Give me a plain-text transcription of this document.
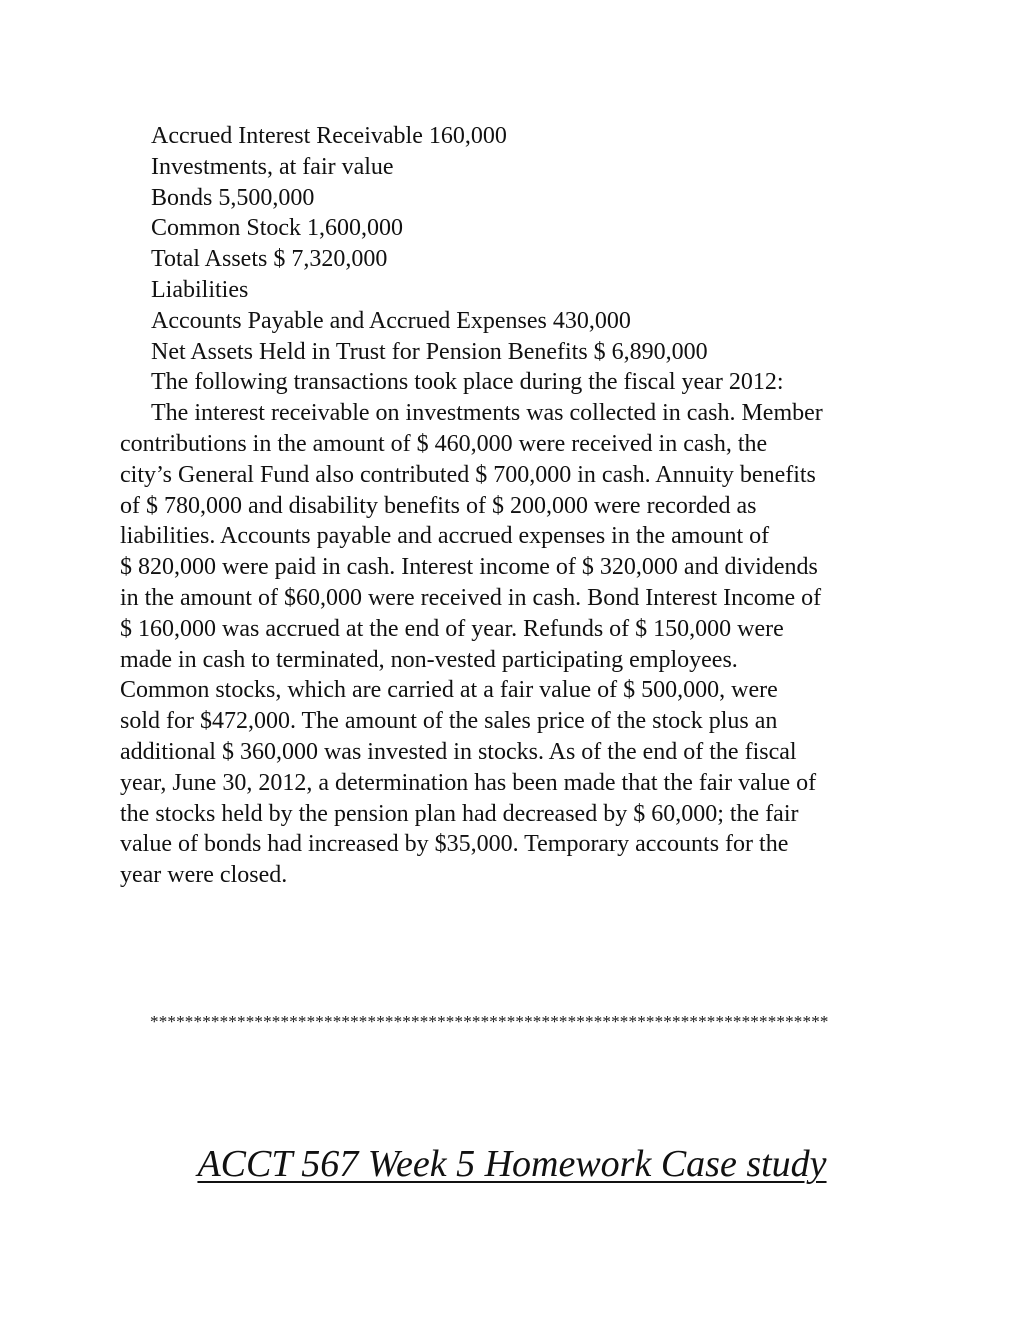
Accrued Interest Receivable 160,000
Investments, at fair value
Bonds 5,500,000
Common Stock 1,600,000
Total Assets $ 7,320,000
Liabilities
Accounts Payable and Accrued Expenses 430,000
Net Assets Held in Trust for Pension Benefits $ 6,890,000
The following transactions took place during the fiscal year 2012:
The interest receivable on investments was collected in cash. Member
contributions in the amount of $ 460,000 were received in cash, the
city’s General Fund also contributed $ 700,000 in cash. Annuity benefits
of $ 780,000 and disability benefits of $ 200,000 were recorded as
liabilities. Accounts payable and accrued expenses in the amount of
$ 820,000 were paid in cash. Interest income of $ 320,000 and dividends
in the amount of $60,000 were received in cash. Bond Interest Income of
$ 160,000 was accrued at the end of year. Refunds of $ 150,000 were
made in cash to terminated, non-vested participating employees.
Common stocks, which are carried at a fair value of $ 500,000, were
sold for $472,000. The amount of the sales price of the stock plus an
additional $ 360,000 was invested in stocks. As of the end of the fiscal
year, June 30, 2012, a determination has been made that the fair value of
the stocks held by the pension plan had decreased by $ 60,000; the fair
value of bonds had increased by $35,000. Temporary accounts for the
year were closed.
******************************************************************************
ACCT 567 Week 5 Homework Case study
